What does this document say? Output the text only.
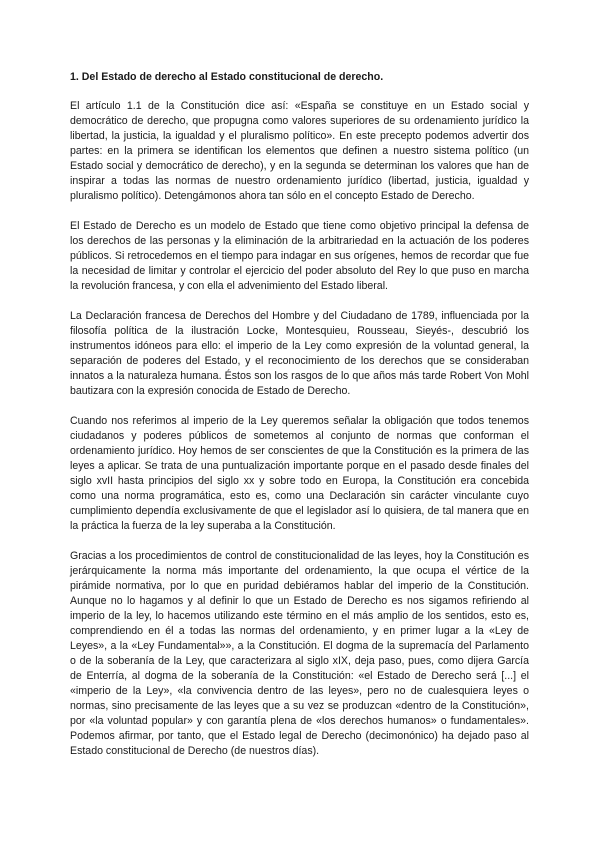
1. Del Estado de derecho al Estado constitucional de derecho.

El artículo 1.1 de la Constitución dice así: «España se constituye en un Estado social y democrático de derecho, que propugna como valores superiores de su ordenamiento jurídico la libertad, la justicia, la igualdad y el pluralismo político». En este precepto podemos advertir dos partes: en la primera se identifican los elementos que definen a nuestro sistema político (un Estado social y democrático de derecho), y en la segunda se determinan los valores que han de inspirar a todas las normas de nuestro ordenamiento jurídico (libertad, justicia, igualdad y pluralismo político). Detengámonos ahora tan sólo en el concepto Estado de Derecho.

El Estado de Derecho es un modelo de Estado que tiene como objetivo principal la defensa de los derechos de las personas y la eliminación de la arbitrariedad en la actuación de los poderes públicos. Si retrocedemos en el tiempo para indagar en sus orígenes, hemos de recordar que fue la necesidad de limitar y controlar el ejercicio del poder absoluto del Rey lo que puso en marcha la revolución francesa, y con ella el advenimiento del Estado liberal.

La Declaración francesa de Derechos del Hombre y del Ciudadano de 1789, influenciada por la filosofía política de la ilustración Locke, Montesquieu, Rousseau, Sieyés-, descubrió los instrumentos idóneos para ello: el imperio de la Ley como expresión de la voluntad general, la separación de poderes del Estado, y el reconocimiento de los derechos que se consideraban innatos a la naturaleza humana. Éstos son los rasgos de lo que años más tarde Robert Von Mohl bautizara con la expresión conocida de Estado de Derecho.

Cuando nos referimos al imperio de la Ley queremos señalar la obligación que todos tenemos ciudadanos y poderes públicos de sometemos al conjunto de normas que conforman el ordenamiento jurídico. Hoy hemos de ser conscientes de que la Constitución es la primera de las leyes a aplicar. Se trata de una puntualización importante porque en el pasado desde finales del siglo xvII hasta principios del siglo xx y sobre todo en Europa, la Constitución era concebida como una norma programática, esto es, como una Declaración sin carácter vinculante cuyo cumplimiento dependía exclusivamente de que el legislador así lo quisiera, de tal manera que en la práctica la fuerza de la ley superaba a la Constitución.

Gracias a los procedimientos de control de constitucionalidad de las leyes, hoy la Constitución es jerárquicamente la norma más importante del ordenamiento, la que ocupa el vértice de la pirámide normativa, por lo que en puridad debiéramos hablar del imperio de la Constitución. Aunque no lo hagamos y al definir lo que un Estado de Derecho es nos sigamos refiriendo al imperio de la ley, lo hacemos utilizando este término en el más amplio de los sentidos, esto es, comprendiendo en él a todas las normas del ordenamiento, y en primer lugar a la «Ley de Leyes», a la «Ley Fundamental»», a la Constitución. El dogma de la supremacía del Parlamento o de la soberanía de la Ley, que caracterizara al siglo xIX, deja paso, pues, como dijera García de Enterría, al dogma de la soberanía de la Constitución: «el Estado de Derecho será [...] el «imperio de la Ley», «la convivencia dentro de las leyes», pero no de cualesquiera leyes o normas, sino precisamente de las leyes que a su vez se produzcan «dentro de la Constitución», por «la voluntad popular» y con garantía plena de «los derechos humanos» o fundamentales». Podemos afirmar, por tanto, que el Estado legal de Derecho (decimonónico) ha dejado paso al Estado constitucional de Derecho (de nuestros días).
